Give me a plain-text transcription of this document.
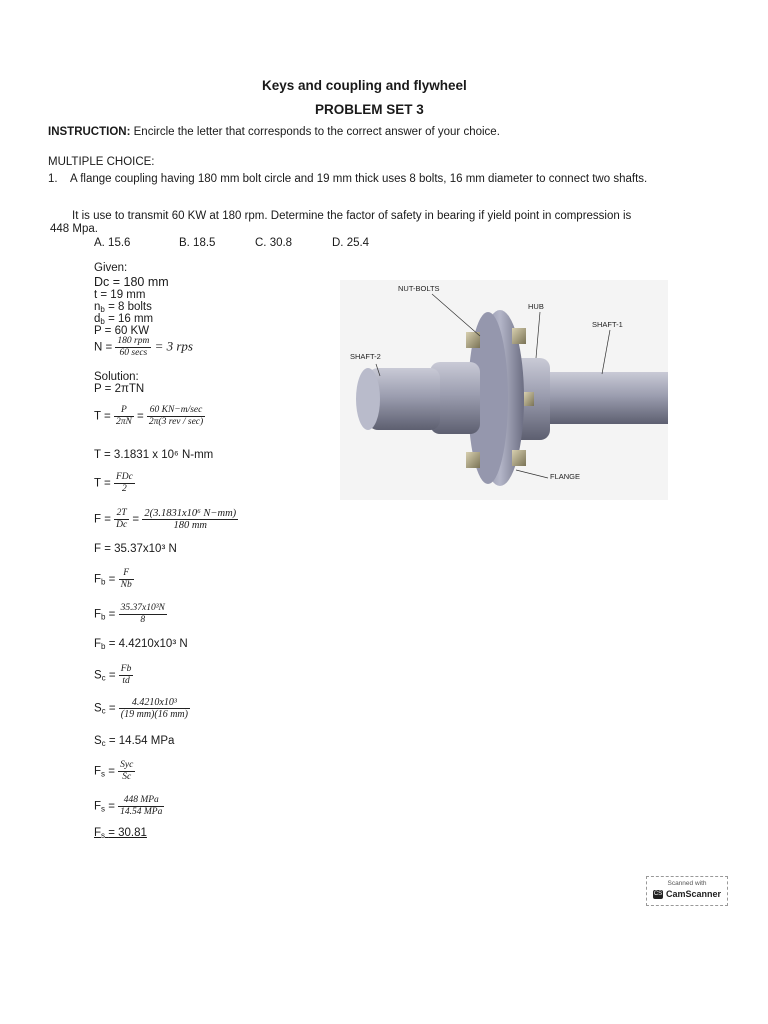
Keys and coupling and flywheel
PROBLEM SET 3
INSTRUCTION: Encircle the letter that corresponds to the correct answer of your choice.
MULTIPLE CHOICE:
1. A flange coupling having 180 mm bolt circle and 19 mm thick uses 8 bolts, 16 mm diameter to connect two shafts.
It is use to transmit 60 KW at 180 rpm. Determine the factor of safety in bearing if yield point in compression is
448 Mpa.
A. 15.6	B. 18.5	C. 30.8	D. 25.4
Given:
Dc = 180 mm
t = 19 mm
$n_b = 8$ bolts
$d_b = 16$ mm
P = 60 KW
$N = \frac{\text{180 rpm}}{60 \sec s} = 3$ rps
Solution:
P = 2πTN
$T = \frac{P}{2\pi N} = \frac{60 KN-m/\sec}{\text{2π(3 rev / sec)}}$
T = 3.1831 x 10⁶ N-mm
$T = \frac{\text{FDc}}{2}$
$F = \frac{2T}{Dc} = \frac{\text{2(3.1831x10⁶ N−mm)}}{180 mm}$
F = 35.37x10³ N
$F_b = \frac{F}{Nb}$
$F_b = \frac{\text{35.37x10³N}}{8}$
$F_b = 4.4210x10^3$ N
$S_c = \frac{Fb}{td}$
$S_c = \frac{\text{4.4210x10³}}{(19 mm)(16 mm)}$
$S_c = 14.54$ MPa
$F_s = \frac{\text{Syc}}{Sc}$
$F_s = \frac{\text{448 MPa}}{\text{14.54 MPa}}$
$F_s = 30.81$
NUT-BOLTS
HUB
SHAFT-1
SHAFT-2
FLANGE
Scanned with
CS CamScanner
